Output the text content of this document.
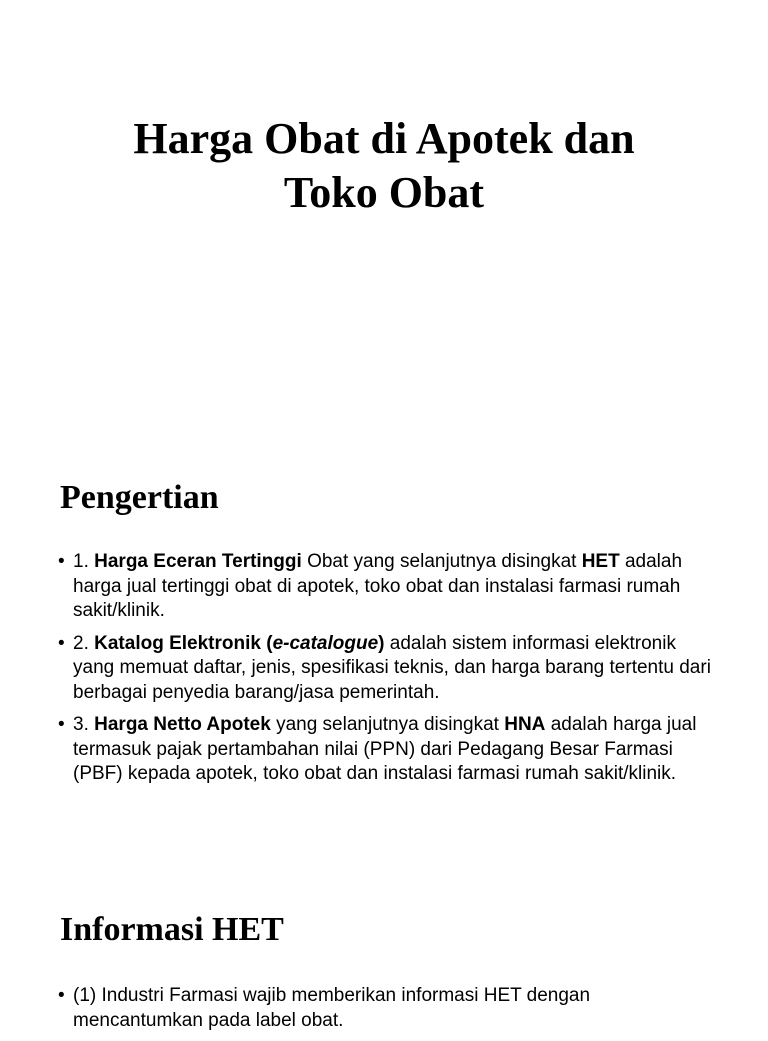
Harga Obat di Apotek dan
Toko Obat
Pengertian
• 1. Harga Eceran Tertinggi Obat yang selanjutnya disingkat HET adalah harga jual tertinggi obat di apotek, toko obat dan instalasi farmasi rumah sakit/klinik.
• 2. Katalog Elektronik (e-catalogue) adalah sistem informasi elektronik yang memuat daftar, jenis, spesifikasi teknis, dan harga barang tertentu dari berbagai penyedia barang/jasa pemerintah.
• 3. Harga Netto Apotek yang selanjutnya disingkat HNA adalah harga jual termasuk pajak pertambahan nilai (PPN) dari Pedagang Besar Farmasi (PBF) kepada apotek, toko obat dan instalasi farmasi rumah sakit/klinik.
Informasi HET
• (1) Industri Farmasi wajib memberikan informasi HET dengan mencantumkan pada label obat.
